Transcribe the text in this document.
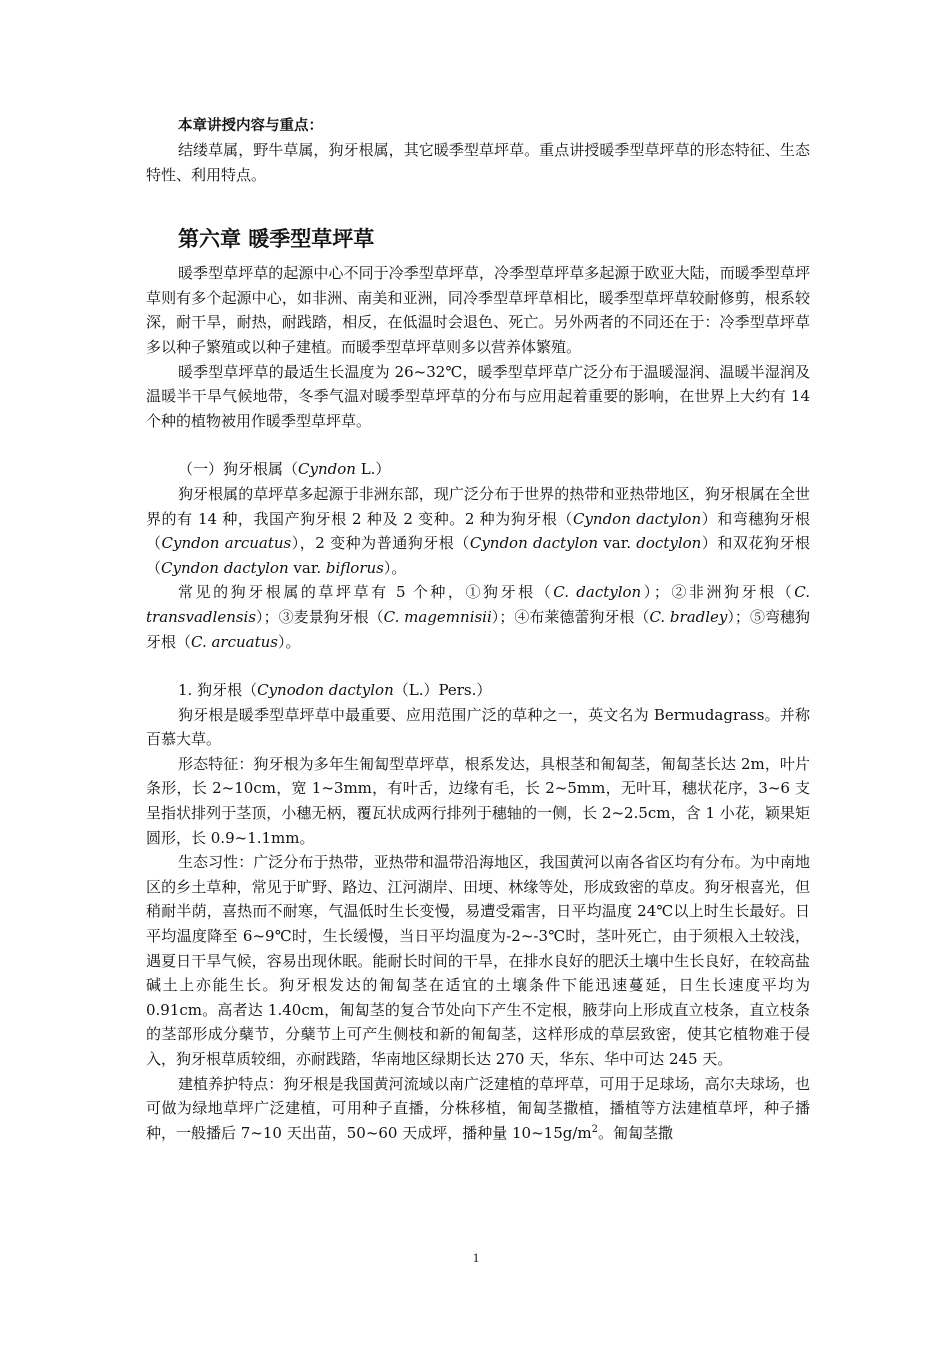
本章讲授内容与重点：

结缕草属，野牛草属，狗牙根属，其它暖季型草坪草。重点讲授暖季型草坪草的形态特征、生态特性、利用特点。

第六章 暖季型草坪草

暖季型草坪草的起源中心不同于冷季型草坪草，冷季型草坪草多起源于欧亚大陆，而暖季型草坪草则有多个起源中心，如非洲、南美和亚洲，同冷季型草坪草相比，暖季型草坪草较耐修剪，根系较深，耐干旱，耐热，耐践踏，相反，在低温时会退色、死亡。另外两者的不同还在于：冷季型草坪草多以种子繁殖或以种子建植。而暖季型草坪草则多以营养体繁殖。

暖季型草坪草的最适生长温度为 26~32℃，暖季型草坪草广泛分布于温暖湿润、温暖半湿润及温暖半干旱气候地带，冬季气温对暖季型草坪草的分布与应用起着重要的影响，在世界上大约有 14 个种的植物被用作暖季型草坪草。

（一）狗牙根属（Cyndon L.）

狗牙根属的草坪草多起源于非洲东部，现广泛分布于世界的热带和亚热带地区，狗牙根属在全世界的有 14 种，我国产狗牙根 2 种及 2 变种。2 种为狗牙根（Cyndon dactylon）和弯穗狗牙根（Cyndon arcuatus），2 变种为普通狗牙根（Cyndon dactylon var. doctylon）和双花狗牙根（Cyndon dactylon var. biflorus）。

常见的狗牙根属的草坪草有 5 个种，①狗牙根（C. dactylon）；②非洲狗牙根（C. transvadlensis）；③麦景狗牙根（C. magemnisii）；④布莱德蕾狗牙根（C. bradley）；⑤弯穗狗牙根（C. arcuatus）。

1. 狗牙根（Cynodon dactylon（L.）Pers.）

狗牙根是暖季型草坪草中最重要、应用范围广泛的草种之一，英文名为 Bermudagrass。并称百慕大草。

形态特征：狗牙根为多年生匍匐型草坪草，根系发达，具根茎和匍匐茎，匍匐茎长达 2m，叶片条形，长 2~10cm，宽 1~3mm，有叶舌，边缘有毛，长 2~5mm，无叶耳，穗状花序，3~6 支呈指状排列于茎顶，小穗无柄，覆瓦状成两行排列于穗轴的一侧，长 2~2.5cm，含 1 小花，颖果矩圆形，长 0.9~1.1mm。

生态习性：广泛分布于热带，亚热带和温带沿海地区，我国黄河以南各省区均有分布。为中南地区的乡土草种，常见于旷野、路边、江河湖岸、田埂、林缘等处，形成致密的草皮。狗牙根喜光，但稍耐半荫，喜热而不耐寒，气温低时生长变慢，易遭受霜害，日平均温度 24℃以上时生长最好。日平均温度降至 6~9℃时，生长缓慢，当日平均温度为-2~-3℃时，茎叶死亡，由于须根入土较浅，遇夏日干旱气候，容易出现休眠。能耐长时间的干旱，在排水良好的肥沃土壤中生长良好，在较高盐碱土上亦能生长。狗牙根发达的匍匐茎在适宜的土壤条件下能迅速蔓延，日生长速度平均为 0.91cm。高者达 1.40cm，匍匐茎的复合节处向下产生不定根，腋芽向上形成直立枝条，直立枝条的茎部形成分蘖节，分蘖节上可产生侧枝和新的匍匐茎，这样形成的草层致密，使其它植物难于侵入，狗牙根草质较细，亦耐践踏，华南地区绿期长达 270 天，华东、华中可达 245 天。

建植养护特点：狗牙根是我国黄河流域以南广泛建植的草坪草，可用于足球场，高尔夫球场，也可做为绿地草坪广泛建植，可用种子直播，分株移植，匍匐茎撒植，播植等方法建植草坪，种子播种，一般播后 7~10 天出苗，50~60 天成坪，播种量 $10\sim 15g/m^2$。匍匐茎撒

1
